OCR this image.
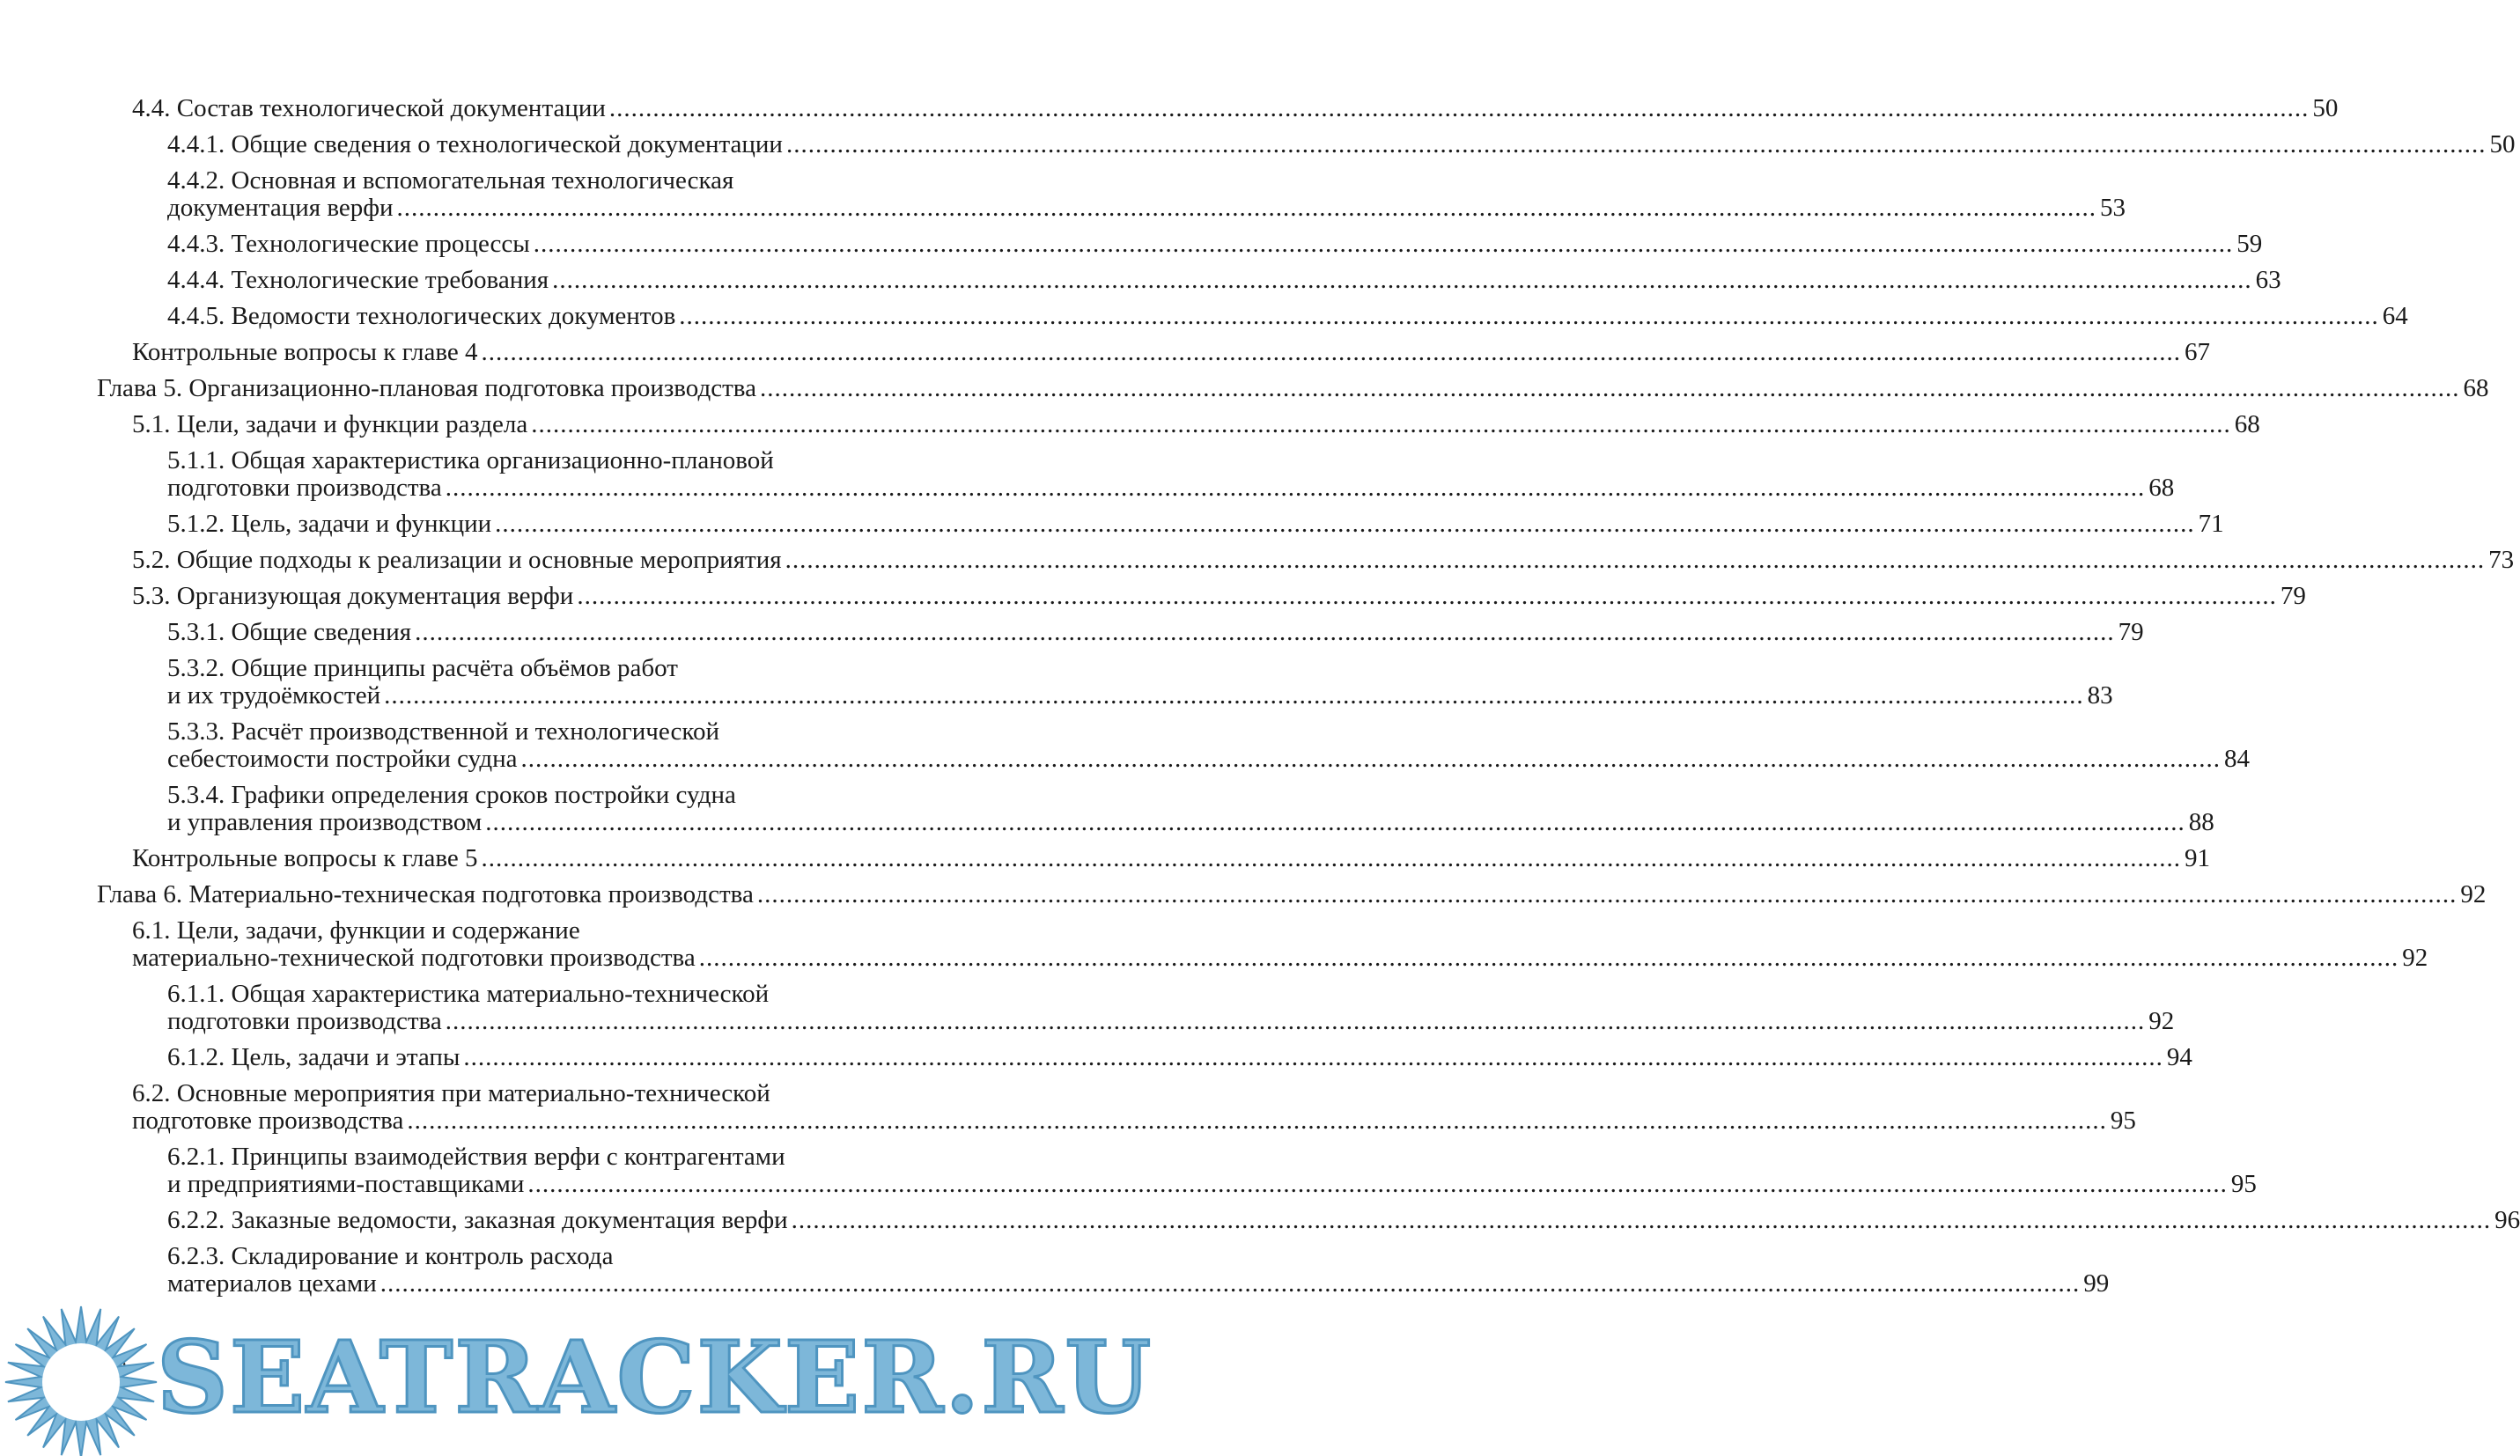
4.4. Состав технологической документации .....	50
4.4.1. Общие сведения о технологической документации .....	50
4.4.2. Основная и вспомогательная технологическая
документация верфи .....	53
4.4.3. Технологические процессы .....	59
4.4.4. Технологические требования .....	63
4.4.5. Ведомости технологических документов .....	64
Контрольные вопросы к главе 4 .....	67
Глава 5. Организационно-плановая подготовка производства .....	68
5.1. Цели, задачи и функции раздела .....	68
5.1.1. Общая характеристика организационно-плановой
подготовки производства .....	68
5.1.2. Цель, задачи и функции .....	71
5.2. Общие подходы к реализации и основные мероприятия .....	73
5.3. Организующая документация верфи .....	79
5.3.1. Общие сведения .....	79
5.3.2. Общие принципы расчёта объёмов работ
и их трудоёмкостей .....	83
5.3.3. Расчёт производственной и технологической
себестоимости постройки судна .....	84
5.3.4. Графики определения сроков постройки судна
и управления производством .....	88
Контрольные вопросы к главе 5 .....	91
Глава 6. Материально-техническая подготовка производства .....	92
6.1. Цели, задачи, функции и содержание
материально-технической подготовки производства .....	92
6.1.1. Общая характеристика материально-технической
подготовки производства .....	92
6.1.2. Цель, задачи и этапы .....	94
6.2. Основные мероприятия при материально-технической
подготовке производства .....	95
6.2.1. Принципы взаимодействия верфи с контрагентами
и предприятиями-поставщиками .....	95
6.2.2. Заказные ведомости, заказная документация верфи .....	96
6.2.3. Складирование и контроль расхода
материалов цехами .....	99
SEATRACKER.RU
